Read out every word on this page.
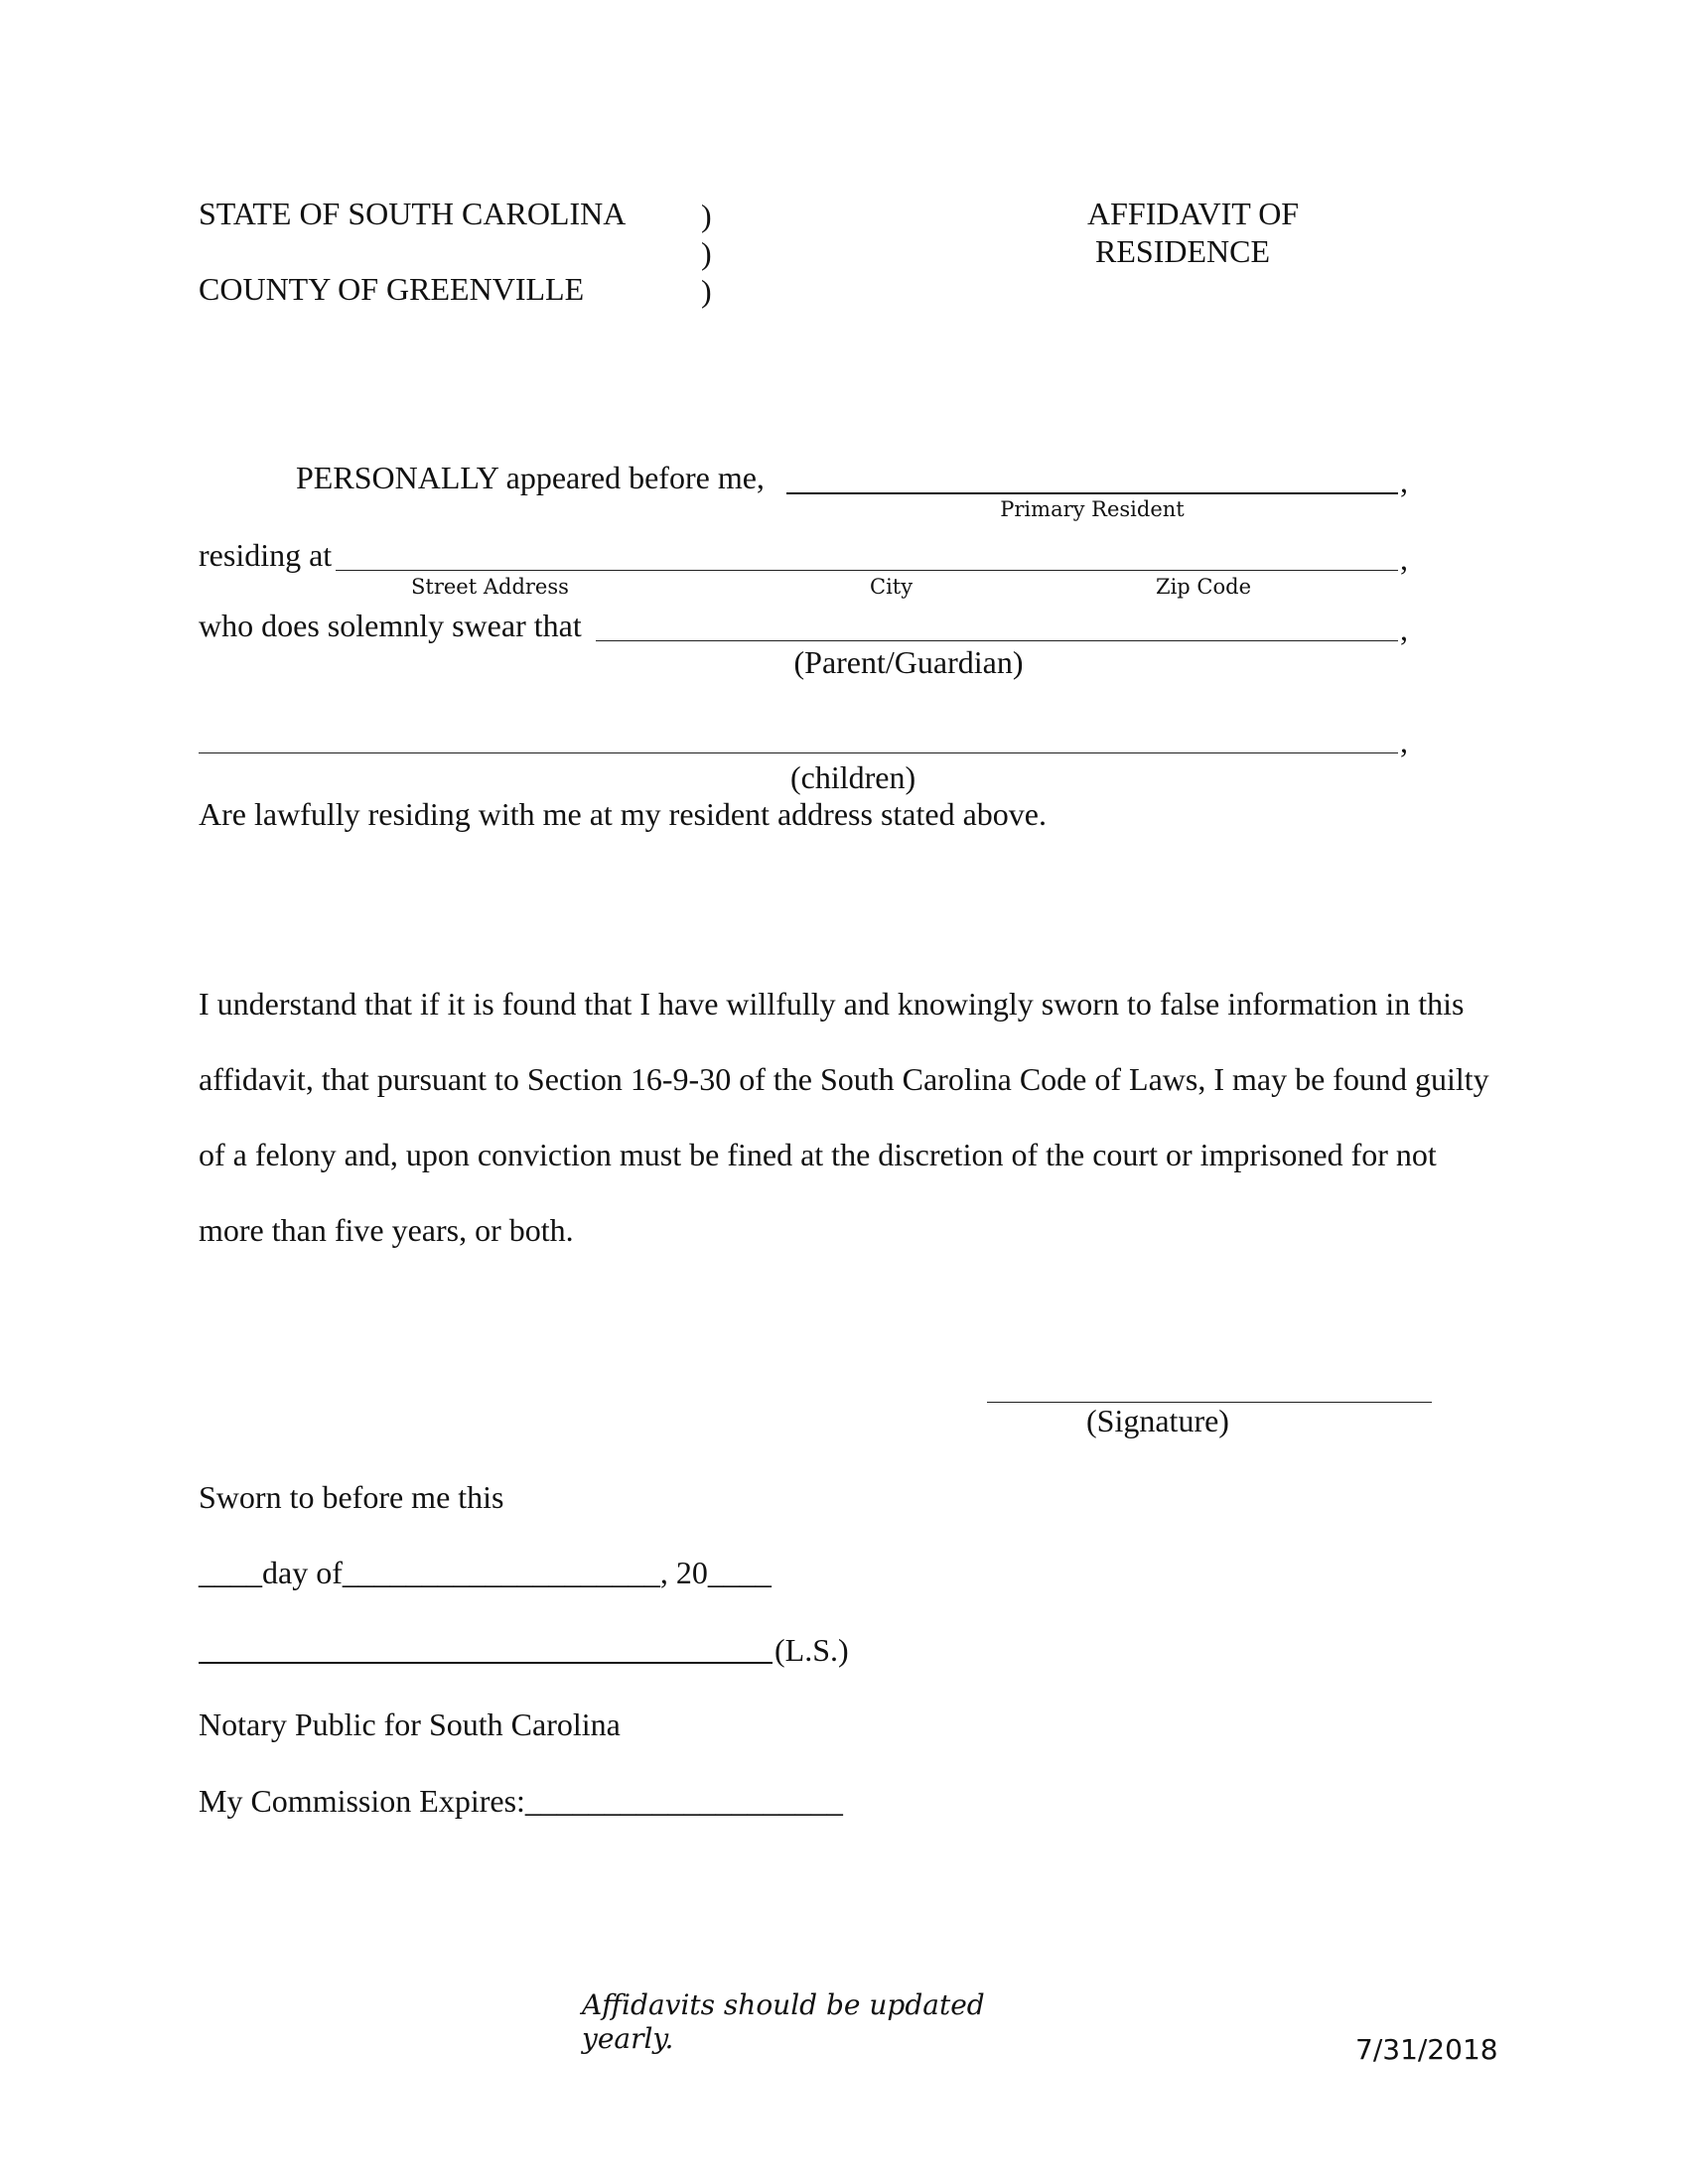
STATE OF SOUTH CAROLINA
COUNTY OF GREENVILLE
)
)
)
AFFIDAVIT OF
RESIDENCE
PERSONALLY appeared before me,	,
Primary Resident
residing at	,
Street Address	City	Zip Code
who does solemnly swear that	,
(Parent/Guardian)
,
(children)
Are lawfully residing with me at my resident address stated above.
I understand that if it is found that I have willfully and knowingly sworn to false information in this affidavit, that pursuant to Section 16-9-30 of the South Carolina Code of Laws, I may be found guilty of a felony and, upon conviction must be fined at the discretion of the court or imprisoned for not more than five years, or both.
(Signature)
Sworn to before me this
____day of____________________, 20____
(L.S.)
Notary Public for South Carolina
My Commission Expires:____________________
Affidavits should be updated
yearly.	7/31/2018
